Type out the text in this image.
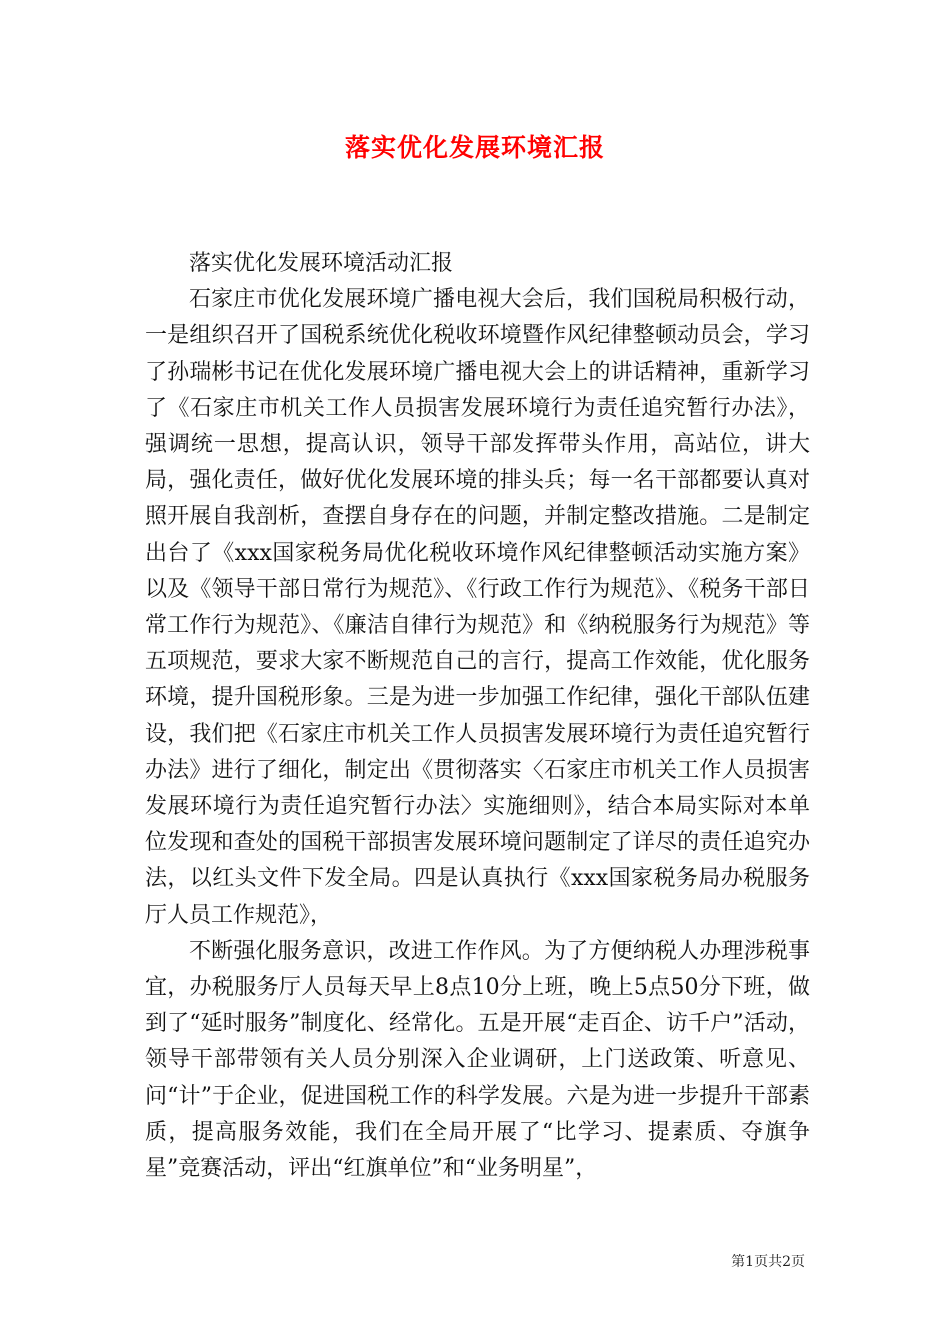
落实优化发展环境汇报

落实优化发展环境活动汇报

石家庄市优化发展环境广播电视大会后，我们国税局积极行动，一是组织召开了国税系统优化税收环境暨作风纪律整顿动员会，学习了孙瑞彬书记在优化发展环境广播电视大会上的讲话精神，重新学习了《石家庄市机关工作人员损害发展环境行为责任追究暂行办法》，强调统一思想，提高认识，领导干部发挥带头作用，高站位，讲大局，强化责任，做好优化发展环境的排头兵；每一名干部都要认真对照开展自我剖析，查摆自身存在的问题，并制定整改措施。二是制定出台了《xxx国家税务局优化税收环境作风纪律整顿活动实施方案》以及《领导干部日常行为规范》、《行政工作行为规范》、《税务干部日常工作行为规范》、《廉洁自律行为规范》和《纳税服务行为规范》等五项规范，要求大家不断规范自己的言行，提高工作效能，优化服务环境，提升国税形象。三是为进一步加强工作纪律，强化干部队伍建设，我们把《石家庄市机关工作人员损害发展环境行为责任追究暂行办法》进行了细化，制定出《贯彻落实〈石家庄市机关工作人员损害发展环境行为责任追究暂行办法〉实施细则》，结合本局实际对本单位发现和查处的国税干部损害发展环境问题制定了详尽的责任追究办法，以红头文件下发全局。四是认真执行《xxx国家税务局办税服务厅人员工作规范》，

不断强化服务意识，改进工作作风。为了方便纳税人办理涉税事宜，办税服务厅人员每天早上8点10分上班，晚上5点50分下班，做到了“延时服务”制度化、经常化。五是开展“走百企、访千户”活动，领导干部带领有关人员分别深入企业调研，上门送政策、听意见、问“计”于企业，促进国税工作的科学发展。六是为进一步提升干部素质，提高服务效能，我们在全局开展了“比学习、提素质、夺旗争星”竞赛活动，评出“红旗单位”和“业务明星”，

第1页共2页
